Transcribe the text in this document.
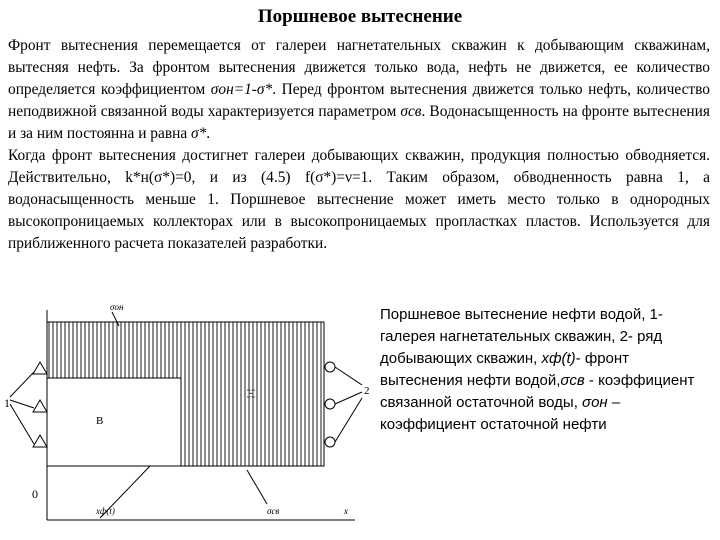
Поршневое вытеснение

Фронт вытеснения перемещается от галереи нагнетательных скважин к добывающим скважинам, вытесняя нефть. За фронтом вытеснения движется только вода, нефть не движется, ее количество определяется коэффициентом σон=1-σ*. Перед фронтом вытеснения движется только нефть, количество неподвижной связанной воды характеризуется параметром σсв. Водонасыщенность на фронте вытеснения и за ним постоянна и равна σ*.

Когда фронт вытеснения достигнет галереи добывающих скважин, продукция полностью обводняется. Действительно, k*н(σ*)=0, и из (4.5) f(σ*)=ν=1. Таким образом, обводненность равна 1, а водонасыщенность меньше 1. Поршневое вытеснение может иметь место только в однородных высокопроницаемых коллекторах или в высокопроницаемых пропластках пластов. Используется для приближенного расчета показателей разработки.

Поршневое вытеснение нефти водой, 1- галерея нагнетательных скважин, 2- ряд добывающих скважин, xф(t)- фронт вытеснения нефти водой,σсв - коэффициент связанной остаточной воды, σон – коэффициент остаточной нефти
σон
1
2
В
Н
0
xф(t)	σсв	x
